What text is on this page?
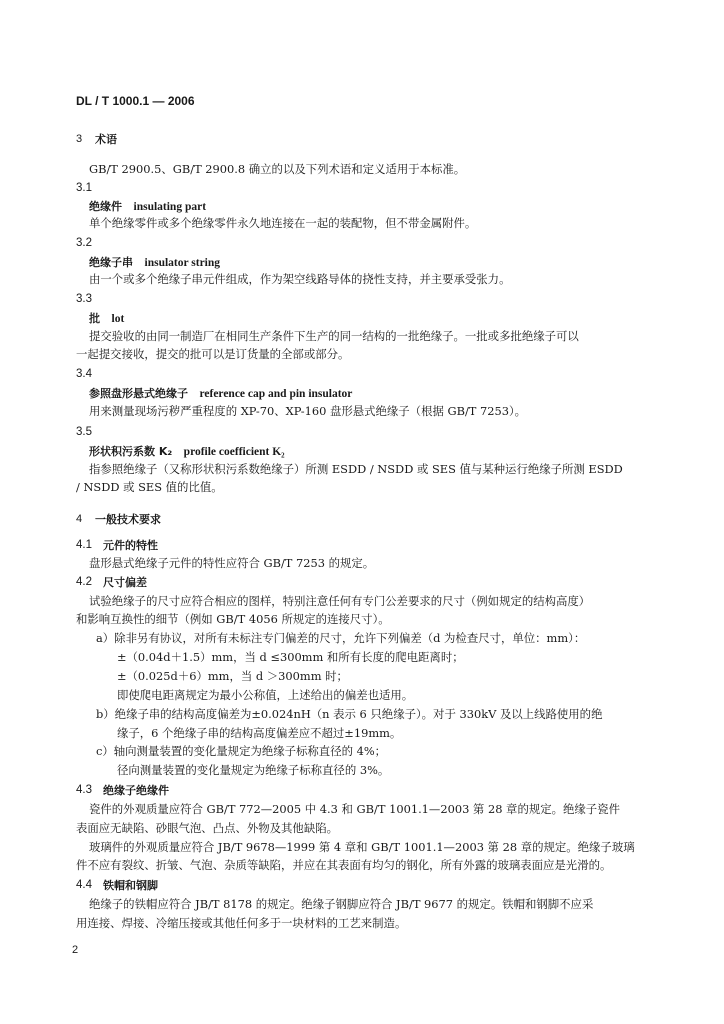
DL / T 1000.1 — 2006
3 术语
GB/T 2900.5、GB/T 2900.8 确立的以及下列术语和定义适用于本标准。
3.1
绝缘件 insulating part
单个绝缘零件或多个绝缘零件永久地连接在一起的装配物，但不带金属附件。
3.2
绝缘子串 insulator string
由一个或多个绝缘子串元件组成，作为架空线路导体的挠性支持，并主要承受张力。
3.3
批 lot
提交验收的由同一制造厂在相同生产条件下生产的同一结构的一批绝缘子。一批或多批绝缘子可以
一起提交接收，提交的批可以是订货量的全部或部分。
3.4
参照盘形悬式绝缘子 reference cap and pin insulator
用来测量现场污秽严重程度的 XP-70、XP-160 盘形悬式绝缘子（根据 GB/T 7253）。
3.5
形状积污系数 K₂ profile coefficient K₂
指参照绝缘子（又称形状积污系数绝缘子）所测 ESDD / NSDD 或 SES 值与某种运行绝缘子所测 ESDD
/ NSDD 或 SES 值的比值。
4 一般技术要求
4.1 元件的特性
盘形悬式绝缘子元件的特性应符合 GB/T 7253 的规定。
4.2 尺寸偏差
试验绝缘子的尺寸应符合相应的图样，特别注意任何有专门公差要求的尺寸（例如规定的结构高度）
和影响互换性的细节（例如 GB/T 4056 所规定的连接尺寸）。
a）除非另有协议，对所有未标注专门偏差的尺寸，允许下列偏差（d 为检查尺寸，单位：mm）：
±（0.04d＋1.5）mm，当 d ≤300mm 和所有长度的爬电距离时；
±（0.025d＋6）mm，当 d ＞300mm 时；
即使爬电距离规定为最小公称值，上述给出的偏差也适用。
b）绝缘子串的结构高度偏差为±0.024nH（n 表示 6 只绝缘子）。对于 330kV 及以上线路使用的绝
缘子，6 个绝缘子串的结构高度偏差应不超过±19mm。
c）轴向测量装置的变化量规定为绝缘子标称直径的 4%；
径向测量装置的变化量规定为绝缘子标称直径的 3%。
4.3 绝缘子绝缘件
瓷件的外观质量应符合 GB/T 772—2005 中 4.3 和 GB/T 1001.1—2003 第 28 章的规定。绝缘子瓷件
表面应无缺陷、砂眼气泡、凸点、外物及其他缺陷。
玻璃件的外观质量应符合 JB/T 9678—1999 第 4 章和 GB/T 1001.1—2003 第 28 章的规定。绝缘子玻璃
件不应有裂纹、折皱、气泡、杂质等缺陷，并应在其表面有均匀的钢化，所有外露的玻璃表面应是光滑的。
4.4 铁帽和钢脚
绝缘子的铁帽应符合 JB/T 8178 的规定。绝缘子钢脚应符合 JB/T 9677 的规定。铁帽和钢脚不应采
用连接、焊接、冷缩压接或其他任何多于一块材料的工艺来制造。
2
